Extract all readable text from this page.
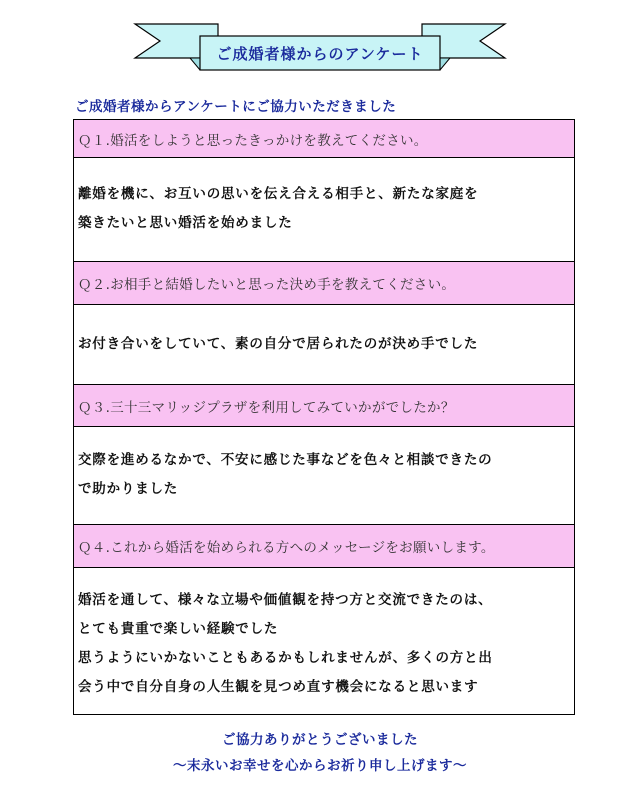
ご成婚者様からのアンケート
ご成婚者様からアンケートにご協力いただきました
Ｑ１.婚活をしようと思ったきっかけを教えてください。

離婚を機に、お互いの思いを伝え合える相手と、新たな家庭を

築きたいと思い婚活を始めました

Ｑ２.お相手と結婚したいと思った決め手を教えてください。

お付き合いをしていて、素の自分で居られたのが決め手でした

Ｑ３.三十三マリッジプラザを利用してみていかがでしたか？

交際を進めるなかで、不安に感じた事などを色々と相談できたの

で助かりました

Ｑ４.これから婚活を始められる方へのメッセージをお願いします。

婚活を通して、様々な立場や価値観を持つ方と交流できたのは、

とても貴重で楽しい経験でした

思うようにいかないこともあるかもしれませんが、多くの方と出

会う中で自分自身の人生観を見つめ直す機会になると思います

ご協力ありがとうございました
～末永いお幸せを心からお祈り申し上げます～
